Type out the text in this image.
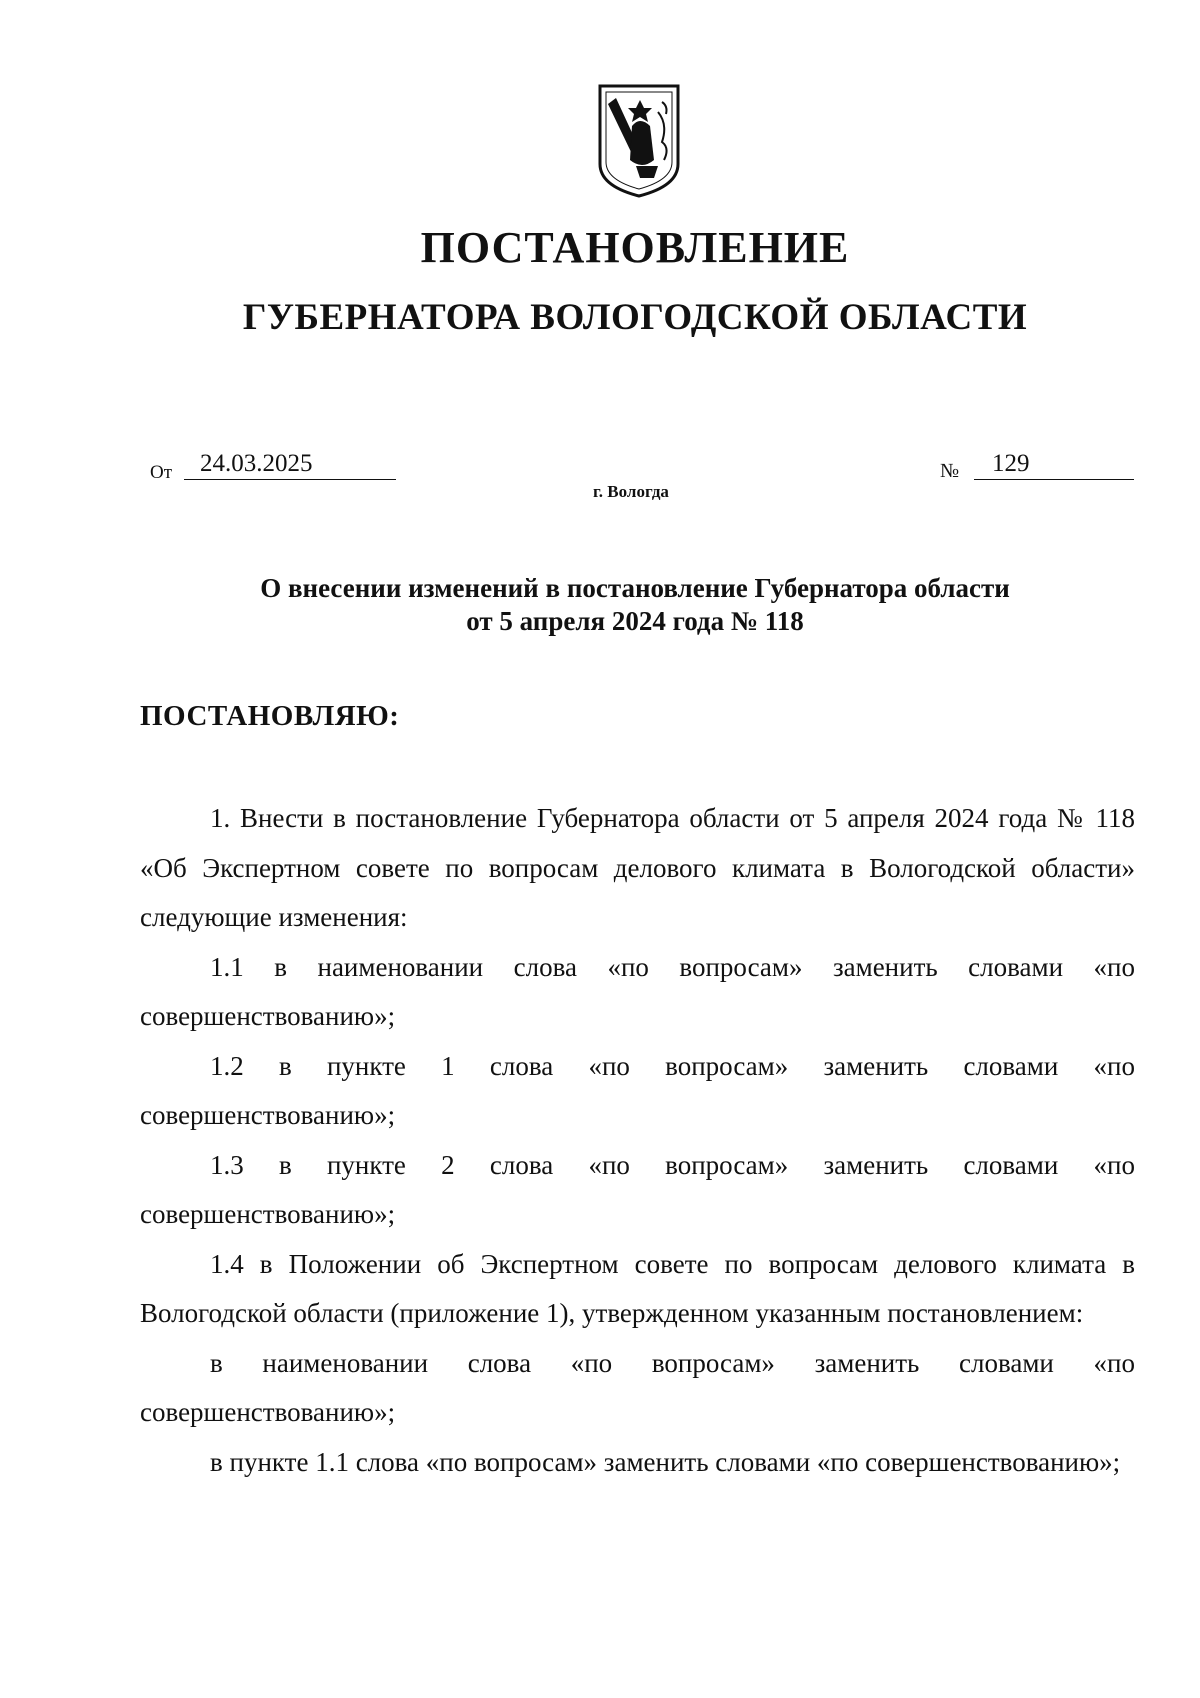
ПОСТАНОВЛЕНИЕ
ГУБЕРНАТОРА ВОЛОГОДСКОЙ ОБЛАСТИ
От	24.03.2025	№	129
г. Вологда
О внесении изменений в постановление Губернатора области
от 5 апреля 2024 года № 118
ПОСТАНОВЛЯЮ:

1. Внести в постановление Губернатора области от 5 апреля 2024 года № 118 «Об Экспертном совете по вопросам делового климата в Вологодской области» следующие изменения:

1.1 в наименовании слова «по вопросам» заменить словами «по совершенствованию»;

1.2 в пункте 1 слова «по вопросам» заменить словами «по совершенствованию»;

1.3 в пункте 2 слова «по вопросам» заменить словами «по совершенствованию»;

1.4 в Положении об Экспертном совете по вопросам делового климата в Вологодской области (приложение 1), утвержденном указанным постановлением:

в наименовании слова «по вопросам» заменить словами «по совершенствованию»;

в пункте 1.1 слова «по вопросам» заменить словами «по совершенствованию»;
